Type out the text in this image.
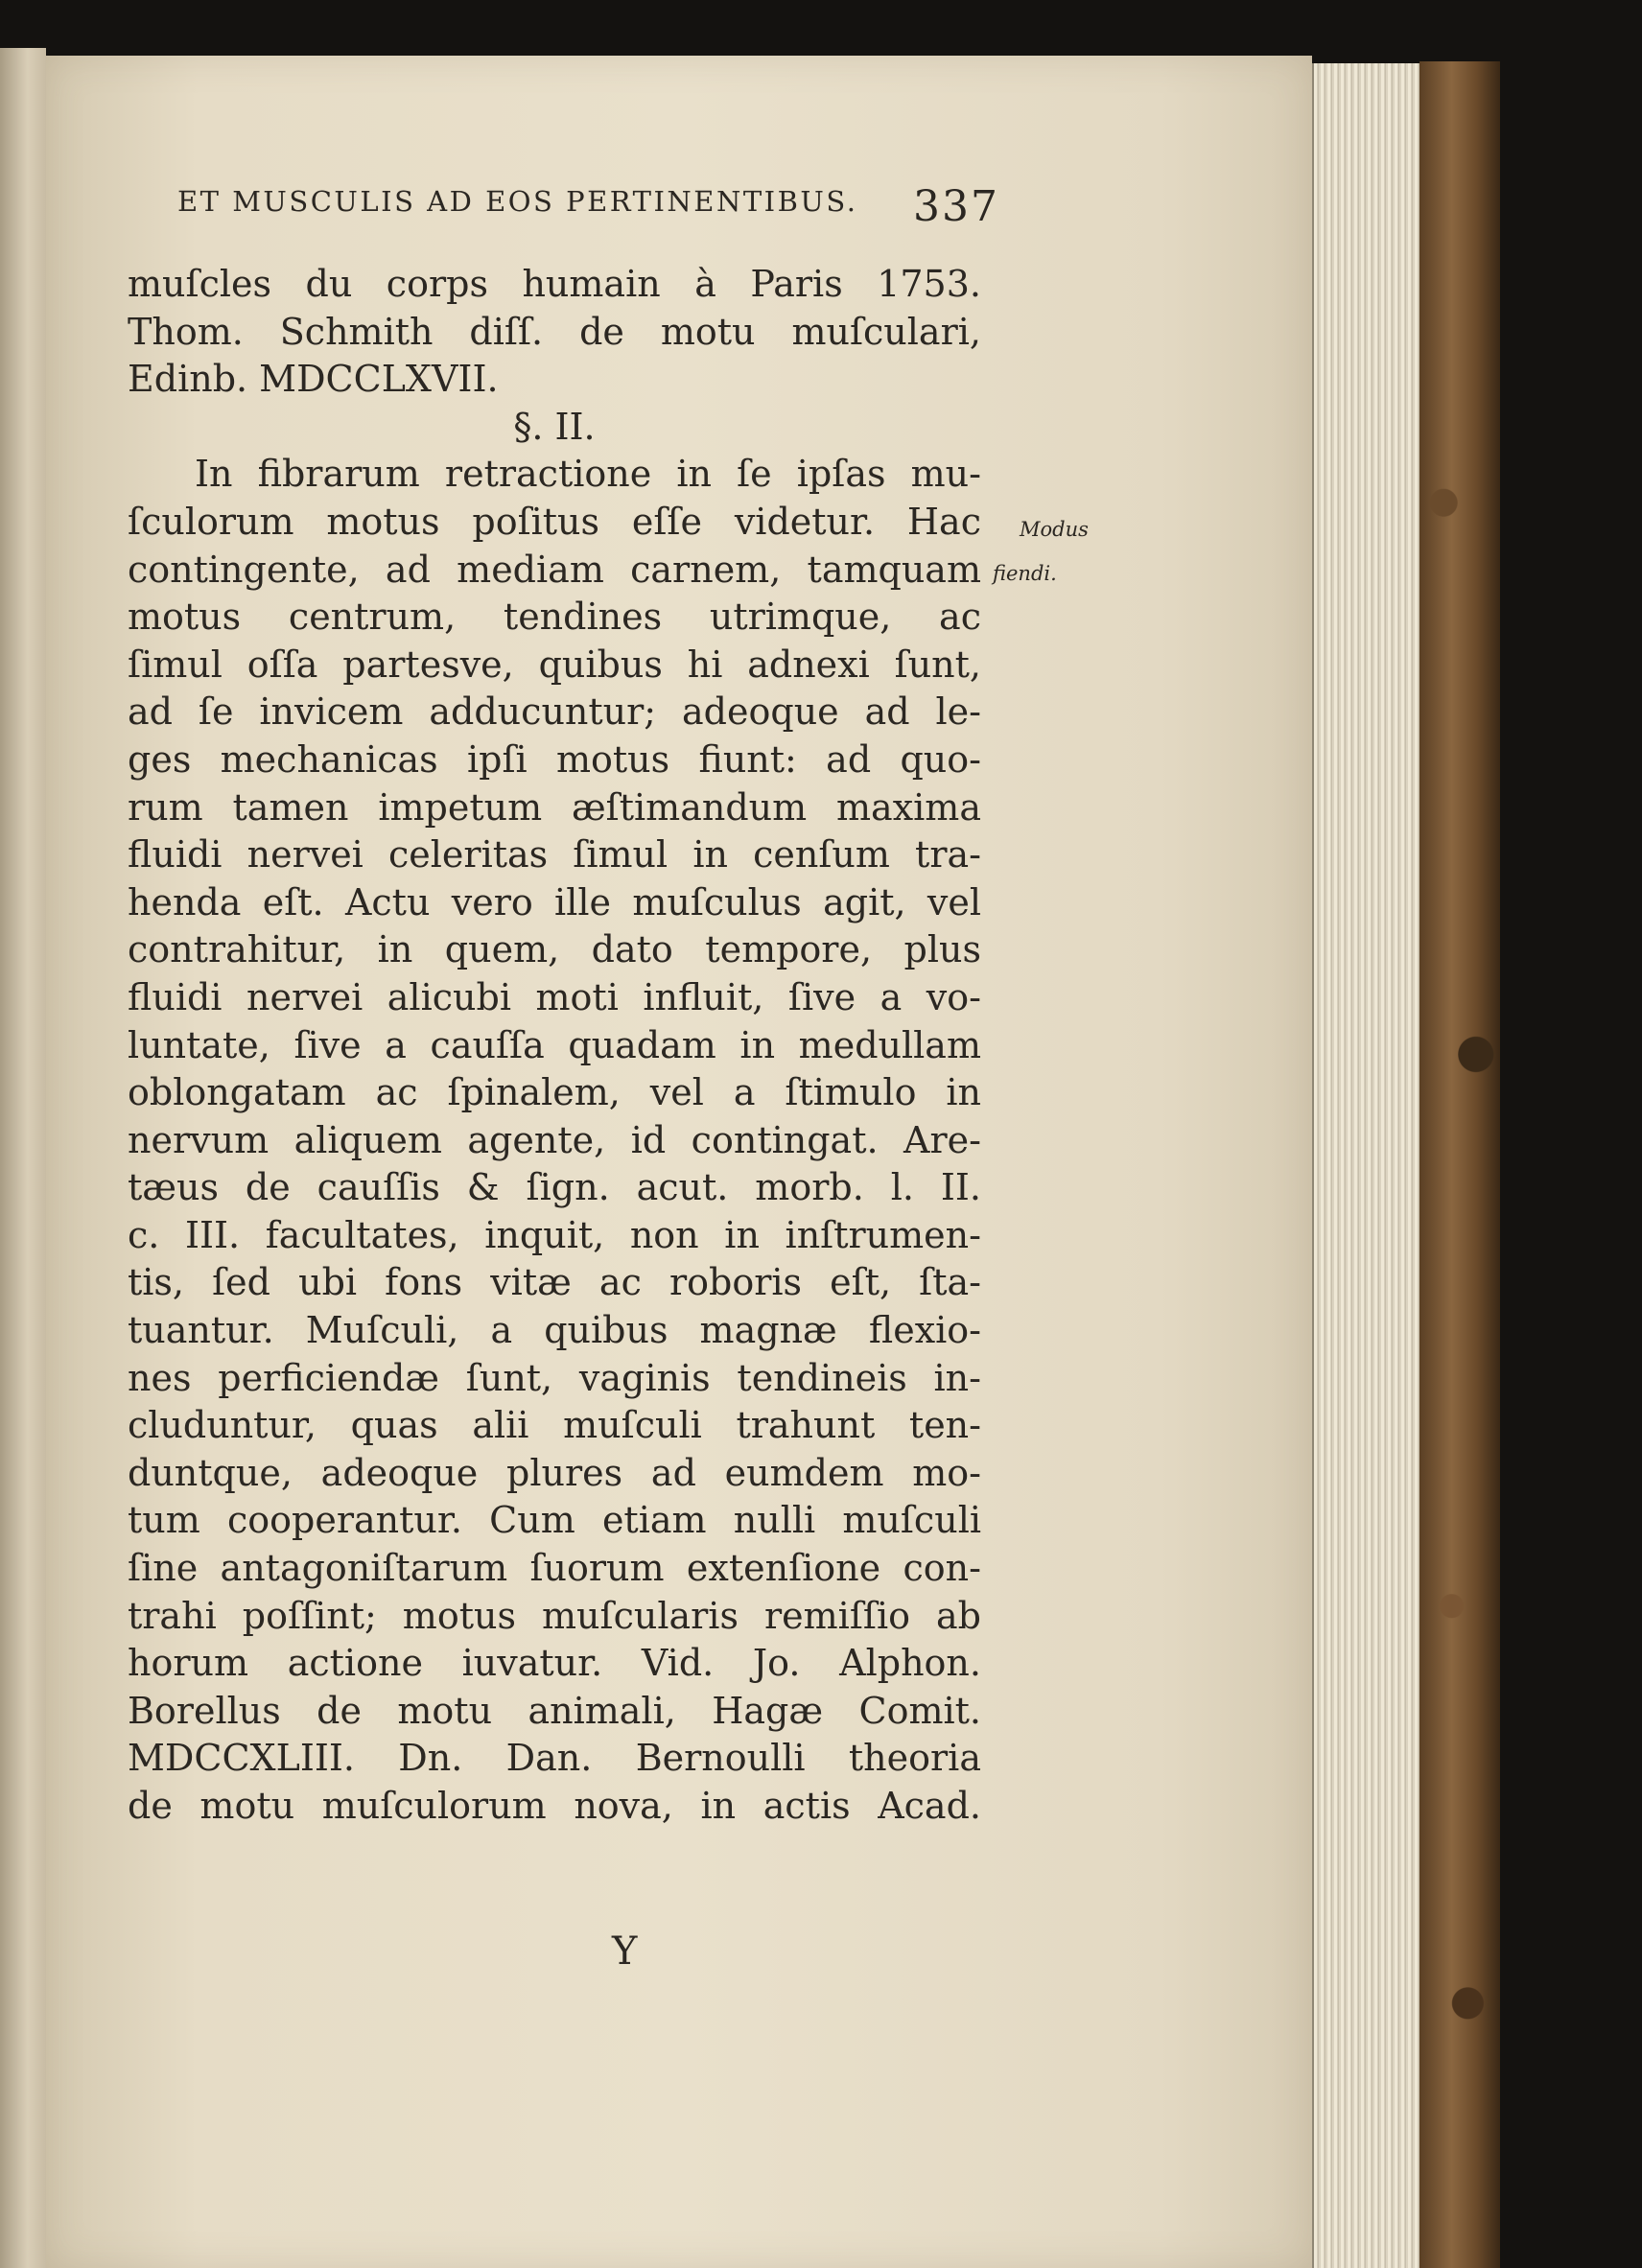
ET MUSCULIS AD EOS PERTINENTIBUS. 337
muſcles du corps humain à Paris 1753.
Thom. Schmith diſſ. de motu muſculari,
Edinb. MDCCLXVII.
§. II.
In fibrarum retractione in ſe ipſas mu-
ſculorum motus poſitus eſſe videtur. Hac
contingente, ad mediam carnem, tamquam
motus centrum, tendines utrimque, ac
ſimul oſſa partesve, quibus hi adnexi ſunt,
ad ſe invicem adducuntur; adeoque ad le-
ges mechanicas ipſi motus fiunt: ad quo-
rum tamen impetum æſtimandum maxima
fluidi nervei celeritas ſimul in cenſum tra-
henda eſt. Actu vero ille muſculus agit, vel
contrahitur, in quem, dato tempore, plus
fluidi nervei alicubi moti influit, ſive a vo-
luntate, ſive a cauſſa quadam in medullam
oblongatam ac ſpinalem, vel a ſtimulo in
nervum aliquem agente, id contingat. Are-
tæus de cauſſis & ſign. acut. morb. l. II.
c. III. facultates, inquit, non in inſtrumen-
tis, ſed ubi fons vitæ ac roboris eſt, ſta-
tuantur. Muſculi, a quibus magnæ flexio-
nes perficiendæ ſunt, vaginis tendineis in-
cluduntur, quas alii muſculi trahunt ten-
duntque, adeoque plures ad eumdem mo-
tum cooperantur. Cum etiam nulli muſculi
ſine antagoniſtarum ſuorum extenſione con-
trahi poſſint; motus muſcularis remiſſio ab
horum actione iuvatur. Vid. Jo. Alphon.
Borellus de motu animali, Hagæ Comit.
MDCCXLIII. Dn. Dan. Bernoulli theoria
de motu muſculorum nova, in actis Acad.
Modus
fiendi.
Y
